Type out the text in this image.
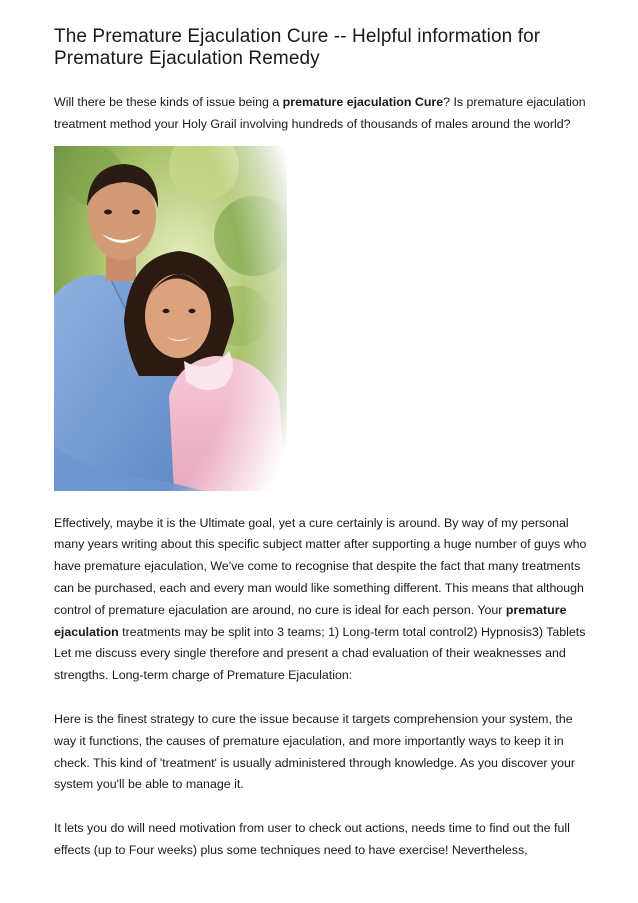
The Premature Ejaculation Cure -- Helpful information for Premature Ejaculation Remedy

Will there be these kinds of issue being a premature ejaculation Cure? Is premature ejaculation treatment method your Holy Grail involving hundreds of thousands of males around the world?

Effectively, maybe it is the Ultimate goal, yet a cure certainly is around. By way of my personal many years writing about this specific subject matter after supporting a huge number of guys who have premature ejaculation, We've come to recognise that despite the fact that many treatments can be purchased, each and every man would like something different. This means that although control of premature ejaculation are around, no cure is ideal for each person. Your premature ejaculation treatments may be split into 3 teams; 1) Long-term total control2) Hypnosis3) Tablets Let me discuss every single therefore and present a chad evaluation of their weaknesses and strengths. Long-term charge of Premature Ejaculation:

Here is the finest strategy to cure the issue because it targets comprehension your system, the way it functions, the causes of premature ejaculation, and more importantly ways to keep it in check. This kind of 'treatment' is usually administered through knowledge. As you discover your system you'll be able to manage it.

It lets you do will need motivation from user to check out actions, needs time to find out the full effects (up to Four weeks) plus some techniques need to have exercise! Nevertheless,
